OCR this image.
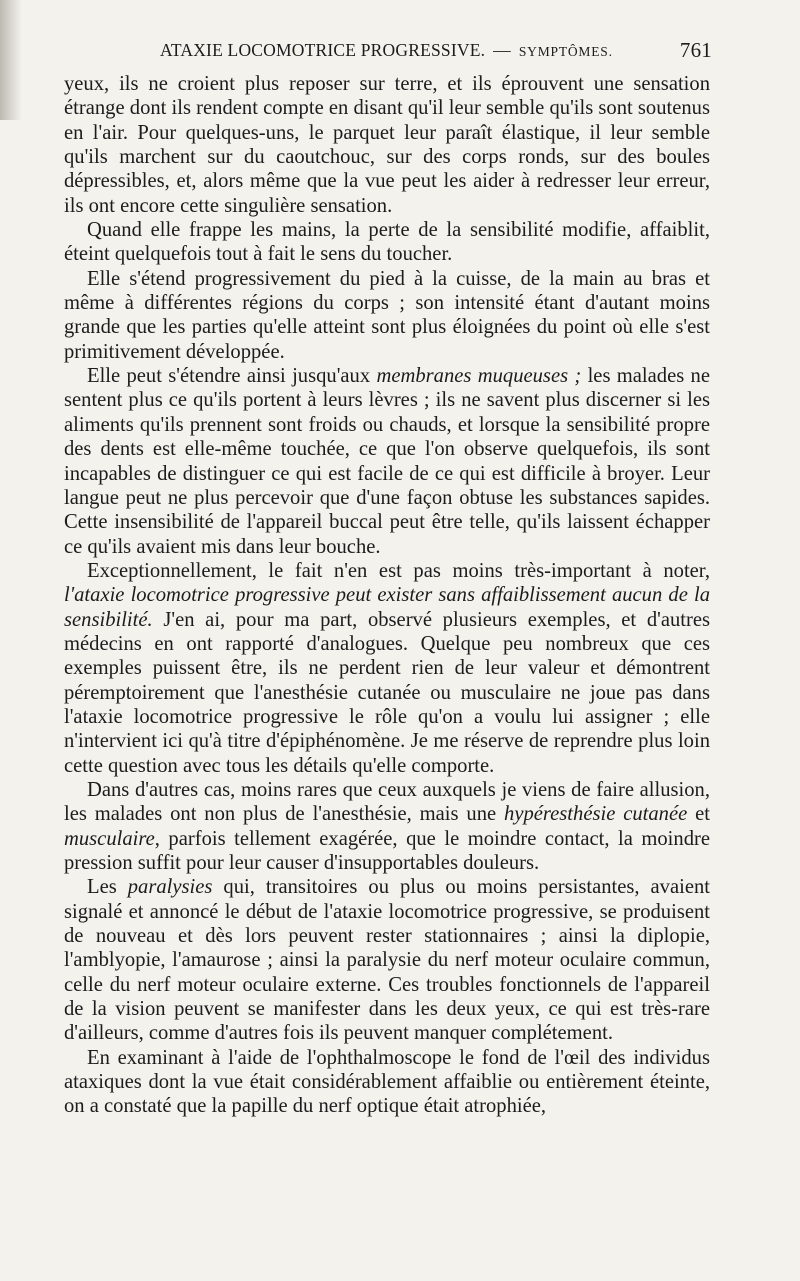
ATAXIE LOCOMOTRICE PROGRESSIVE. — SYMPTÔMES.	761

yeux, ils ne croient plus reposer sur terre, et ils éprouvent une sensation étrange dont ils rendent compte en disant qu'il leur semble qu'ils sont soutenus en l'air. Pour quelques-uns, le parquet leur paraît élastique, il leur semble qu'ils marchent sur du caoutchouc, sur des corps ronds, sur des boules dépressibles, et, alors même que la vue peut les aider à redresser leur erreur, ils ont encore cette singulière sensation.

Quand elle frappe les mains, la perte de la sensibilité modifie, affaiblit, éteint quelquefois tout à fait le sens du toucher.

Elle s'étend progressivement du pied à la cuisse, de la main au bras et même à différentes régions du corps ; son intensité étant d'autant moins grande que les parties qu'elle atteint sont plus éloignées du point où elle s'est primitivement développée.

Elle peut s'étendre ainsi jusqu'aux membranes muqueuses ; les malades ne sentent plus ce qu'ils portent à leurs lèvres ; ils ne savent plus discerner si les aliments qu'ils prennent sont froids ou chauds, et lorsque la sensibilité propre des dents est elle-même touchée, ce que l'on observe quelquefois, ils sont incapables de distinguer ce qui est facile de ce qui est difficile à broyer. Leur langue peut ne plus percevoir que d'une façon obtuse les substances sapides. Cette insensibilité de l'appareil buccal peut être telle, qu'ils laissent échapper ce qu'ils avaient mis dans leur bouche.

Exceptionnellement, le fait n'en est pas moins très-important à noter, l'ataxie locomotrice progressive peut exister sans affaiblissement aucun de la sensibilité. J'en ai, pour ma part, observé plusieurs exemples, et d'autres médecins en ont rapporté d'analogues. Quelque peu nombreux que ces exemples puissent être, ils ne perdent rien de leur valeur et démontrent péremptoirement que l'anesthésie cutanée ou musculaire ne joue pas dans l'ataxie locomotrice progressive le rôle qu'on a voulu lui assigner ; elle n'intervient ici qu'à titre d'épiphénomène. Je me réserve de reprendre plus loin cette question avec tous les détails qu'elle comporte.

Dans d'autres cas, moins rares que ceux auxquels je viens de faire allusion, les malades ont non plus de l'anesthésie, mais une hypéresthésie cutanée et musculaire, parfois tellement exagérée, que le moindre contact, la moindre pression suffit pour leur causer d'insupportables douleurs.

Les paralysies qui, transitoires ou plus ou moins persistantes, avaient signalé et annoncé le début de l'ataxie locomotrice progressive, se produisent de nouveau et dès lors peuvent rester stationnaires ; ainsi la diplopie, l'amblyopie, l'amaurose ; ainsi la paralysie du nerf moteur oculaire commun, celle du nerf moteur oculaire externe. Ces troubles fonctionnels de l'appareil de la vision peuvent se manifester dans les deux yeux, ce qui est très-rare d'ailleurs, comme d'autres fois ils peuvent manquer complétement.

En examinant à l'aide de l'ophthalmoscope le fond de l'œil des individus ataxiques dont la vue était considérablement affaiblie ou entièrement éteinte, on a constaté que la papille du nerf optique était atrophiée,
